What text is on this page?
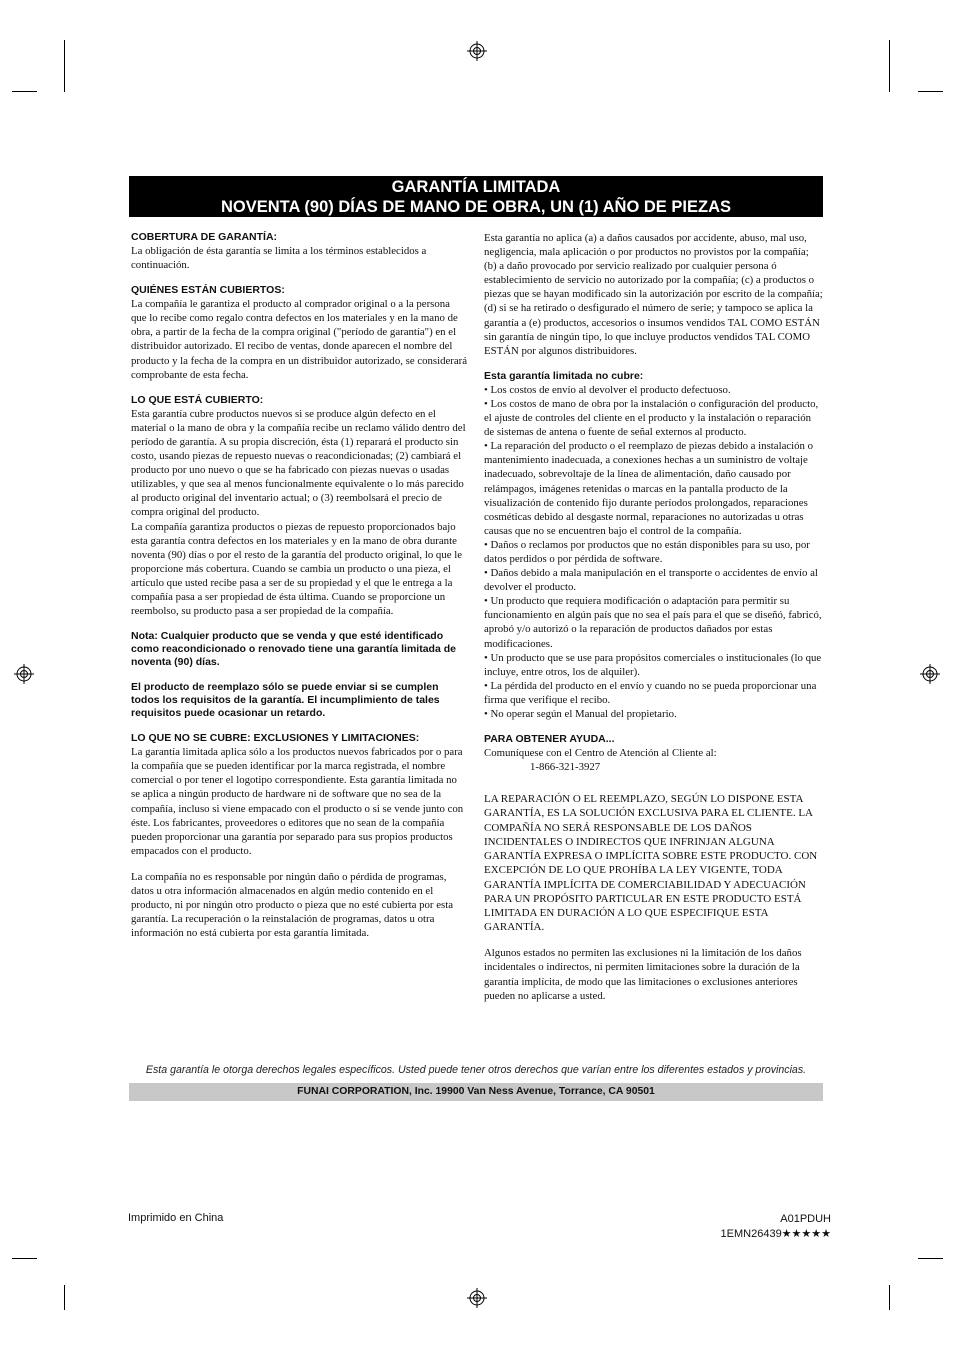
GARANTÍA LIMITADA
NOVENTA (90) DÍAS DE MANO DE OBRA, UN (1) AÑO DE PIEZAS
COBERTURA DE GARANTÍA:

La obligación de ésta garantía se limita a los términos establecidos a continuación.

QUIÉNES ESTÁN CUBIERTOS:

La compañía le garantiza el producto al comprador original o a la persona que lo recibe como regalo contra defectos en los materiales y en la mano de obra, a partir de la fecha de la compra original ("período de garantía") en el distribuidor autorizado. El recibo de ventas, donde aparecen el nombre del producto y la fecha de la compra en un distribuidor autorizado, se considerará comprobante de esta fecha.

LO QUE ESTÁ CUBIERTO:

Esta garantía cubre productos nuevos si se produce algún defecto en el material o la mano de obra y la compañía recibe un reclamo válido dentro del período de garantía. A su propia discreción, ésta (1) reparará el producto sin costo, usando piezas de repuesto nuevas o reacondicionadas; (2) cambiará el producto por uno nuevo o que se ha fabricado con piezas nuevas o usadas utilizables, y que sea al menos funcionalmente equivalente o lo más parecido al producto original del inventario actual; o (3) reembolsará el precio de compra original del producto.

La compañía garantiza productos o piezas de repuesto proporcionados bajo esta garantía contra defectos en los materiales y en la mano de obra durante noventa (90) días o por el resto de la garantía del producto original, lo que le proporcione más cobertura. Cuando se cambia un producto o una pieza, el artículo que usted recibe pasa a ser de su propiedad y el que le entrega a la compañía pasa a ser propiedad de ésta última. Cuando se proporcione un reembolso, su producto pasa a ser propiedad de la compañía.

Nota: Cualquier producto que se venda y que esté identificado como reacondicionado o renovado tiene una garantía limitada de noventa (90) días.

El producto de reemplazo sólo se puede enviar si se cumplen todos los requisitos de la garantía. El incumplimiento de tales requisitos puede ocasionar un retardo.

LO QUE NO SE CUBRE: EXCLUSIONES Y LIMITACIONES:

La garantía limitada aplica sólo a los productos nuevos fabricados por o para la compañía que se pueden identificar por la marca registrada, el nombre comercial o por tener el logotipo correspondiente. Esta garantía limitada no se aplica a ningún producto de hardware ni de software que no sea de la compañía, incluso si viene empacado con el producto o si se vende junto con éste. Los fabricantes, proveedores o editores que no sean de la compañía pueden proporcionar una garantía por separado para sus propios productos empacados con el producto.

La compañía no es responsable por ningún daño o pérdida de programas, datos u otra información almacenados en algún medio contenido en el producto, ni por ningún otro producto o pieza que no esté cubierta por esta garantía. La recuperación o la reinstalación de programas, datos u otra información no está cubierta por esta garantía limitada.

Esta garantía no aplica (a) a daños causados por accidente, abuso, mal uso, negligencia, mala aplicación o por productos no provistos por la compañía; (b) a daño provocado por servicio realizado por cualquier persona ó establecimiento de servicio no autorizado por la compañía; (c) a productos o piezas que se hayan modificado sin la autorización por escrito de la compañía; (d) si se ha retirado o desfigurado el número de serie; y tampoco se aplica la garantía a (e) productos, accesorios o insumos vendidos TAL COMO ESTÁN sin garantía de ningún tipo, lo que incluye productos vendidos TAL COMO ESTÁN por algunos distribuidores.

Esta garantía limitada no cubre:
• Los costos de envío al devolver el producto defectuoso.
• Los costos de mano de obra por la instalación o configuración del producto, el ajuste de controles del cliente en el producto y la instalación o reparación de sistemas de antena o fuente de señal externos al producto.
• La reparación del producto o el reemplazo de piezas debido a instalación o mantenimiento inadecuada, a conexiones hechas a un suministro de voltaje inadecuado, sobrevoltaje de la línea de alimentación, daño causado por relámpagos, imágenes retenidas o marcas en la pantalla producto de la visualización de contenido fijo durante períodos prolongados, reparaciones cosméticas debido al desgaste normal, reparaciones no autorizadas u otras causas que no se encuentren bajo el control de la compañía.
• Daños o reclamos por productos que no están disponibles para su uso, por datos perdidos o por pérdida de software.
• Daños debido a mala manipulación en el transporte o accidentes de envío al devolver el producto.
• Un producto que requiera modificación o adaptación para permitir su funcionamiento en algún país que no sea el país para el que se diseñó, fabricó, aprobó y/o autorizó o la reparación de productos dañados por estas modificaciones.
• Un producto que se use para propósitos comerciales o institucionales (lo que incluye, entre otros, los de alquiler).
• La pérdida del producto en el envío y cuando no se pueda proporcionar una firma que verifique el recibo.
• No operar según el Manual del propietario.
PARA OBTENER AYUDA...
Comuníquese con el Centro de Atención al Cliente al:

1-866-321-3927

LA REPARACIÓN O EL REEMPLAZO, SEGÚN LO DISPONE ESTA GARANTÍA, ES LA SOLUCIÓN EXCLUSIVA PARA EL CLIENTE. LA COMPAÑÍA NO SERÁ RESPONSABLE DE LOS DAÑOS INCIDENTALES O INDIRECTOS QUE INFRINJAN ALGUNA GARANTÍA EXPRESA O IMPLÍCITA SOBRE ESTE PRODUCTO. CON EXCEPCIÓN DE LO QUE PROHÍBA LA LEY VIGENTE, TODA GARANTÍA IMPLÍCITA DE COMERCIABILIDAD Y ADECUACIÓN PARA UN PROPÓSITO PARTICULAR EN ESTE PRODUCTO ESTÁ LIMITADA EN DURACIÓN A LO QUE ESPECIFIQUE ESTA GARANTÍA.

Algunos estados no permiten las exclusiones ni la limitación de los daños incidentales o indirectos, ni permiten limitaciones sobre la duración de la garantía implícita, de modo que las limitaciones o exclusiones anteriores pueden no aplicarse a usted.

Esta garantía le otorga derechos legales específicos. Usted puede tener otros derechos que varían entre los diferentes estados y provincias.
FUNAI CORPORATION, Inc. 19900 Van Ness Avenue, Torrance, CA 90501
Imprimido en China	A01PDUH
1EMN26439★★★★★
